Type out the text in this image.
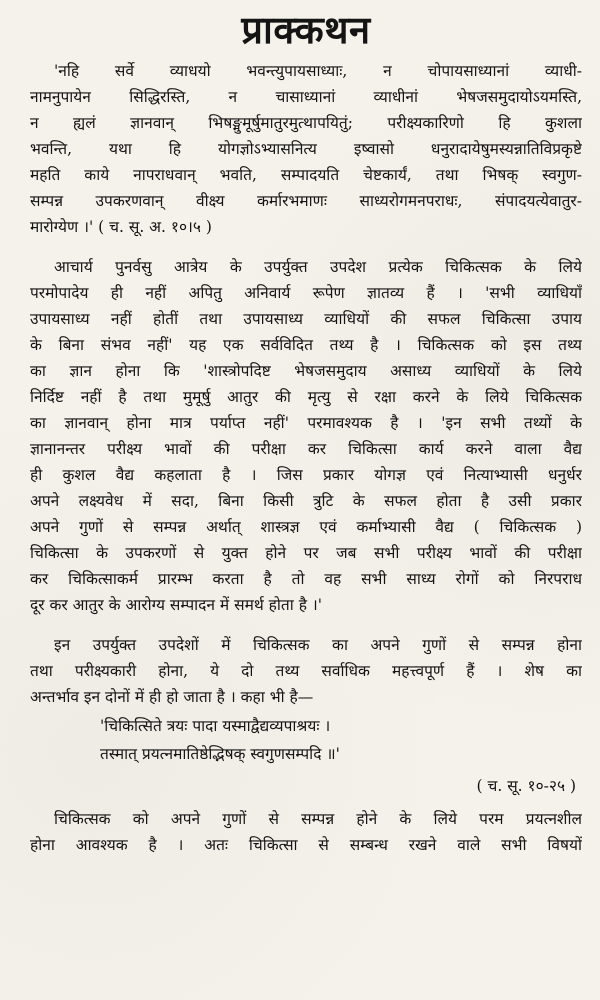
प्राक्कथन
'नहि सर्वे व्याधयो भवन्त्युपायसाध्याः, न चोपायसाध्यानां व्याधी-
नामनुपायेन सिद्धिरस्ति, न चासाध्यानां व्याधीनां भेषजसमुदायोऽयमस्ति,
न ह्यलं ज्ञानवान् भिषङ्मुमूर्षुमातुरमुत्थापयितुं; परीक्ष्यकारिणो हि कुशला
भवन्ति, यथा हि योगज्ञोऽभ्यासनित्य इष्वासो धनुरादायेषुमस्यन्नातिविप्रकृष्टे
महति काये नापराधवान् भवति, सम्पादयति चेष्टकार्यं, तथा भिषक् स्वगुण-
सम्पन्न उपकरणवान् वीक्ष्य कर्मारभमाणः साध्यरोगमनपराधः, संपादयत्येवातुर-
मारोग्येण ।' ( च. सू. अ. १०।५ )
आचार्य पुनर्वसु आत्रेय के उपर्युक्त उपदेश प्रत्येक चिकित्सक के लिये
परमोपादेय ही नहीं अपितु अनिवार्य रूपेण ज्ञातव्य हैं । 'सभी व्याधियाँ
उपायसाध्य नहीं होतीं तथा उपायसाध्य व्याधियों की सफल चिकित्सा उपाय
के बिना संभव नहीं' यह एक सर्वविदित तथ्य है । चिकित्सक को इस तथ्य
का ज्ञान होना कि 'शास्त्रोपदिष्ट भेषजसमुदाय असाध्य व्याधियों के लिये
निर्दिष्ट नहीं है तथा मुमूर्षु आतुर की मृत्यु से रक्षा करने के लिये चिकित्सक
का ज्ञानवान् होना मात्र पर्याप्त नहीं' परमावश्यक है । 'इन सभी तथ्यों के
ज्ञानानन्तर परीक्ष्य भावों की परीक्षा कर चिकित्सा कार्य करने वाला वैद्य
ही कुशल वैद्य कहलाता है । जिस प्रकार योगज्ञ एवं नित्याभ्यासी धनुर्धर
अपने लक्ष्यवेध में सदा, बिना किसी त्रुटि के सफल होता है उसी प्रकार
अपने गुणों से सम्पन्न अर्थात् शास्त्रज्ञ एवं कर्माभ्यासी वैद्य ( चिकित्सक )
चिकित्सा के उपकरणों से युक्त होने पर जब सभी परीक्ष्य भावों की परीक्षा
कर चिकित्साकर्म प्रारम्भ करता है तो वह सभी साध्य रोगों को निरपराध
दूर कर आतुर के आरोग्य सम्पादन में समर्थ होता है ।'
इन उपर्युक्त उपदेशों में चिकित्सक का अपने गुणों से सम्पन्न होना
तथा परीक्ष्यकारी होना, ये दो तथ्य सर्वाधिक महत्त्वपूर्ण हैं । शेष का
अन्तर्भाव इन दोनों में ही हो जाता है । कहा भी है—
'चिकित्सिते त्रयः पादा यस्माद्वैद्यव्यपाश्रयः ।
तस्मात् प्रयत्नमातिष्ठेद्भिषक् स्वगुणसम्पदि ॥'
( च. सू. १०-२५ )
चिकित्सक को अपने गुणों से सम्पन्न होने के लिये परम प्रयत्नशील
होना आवश्यक है । अतः चिकित्सा से सम्बन्ध रखने वाले सभी विषयों
